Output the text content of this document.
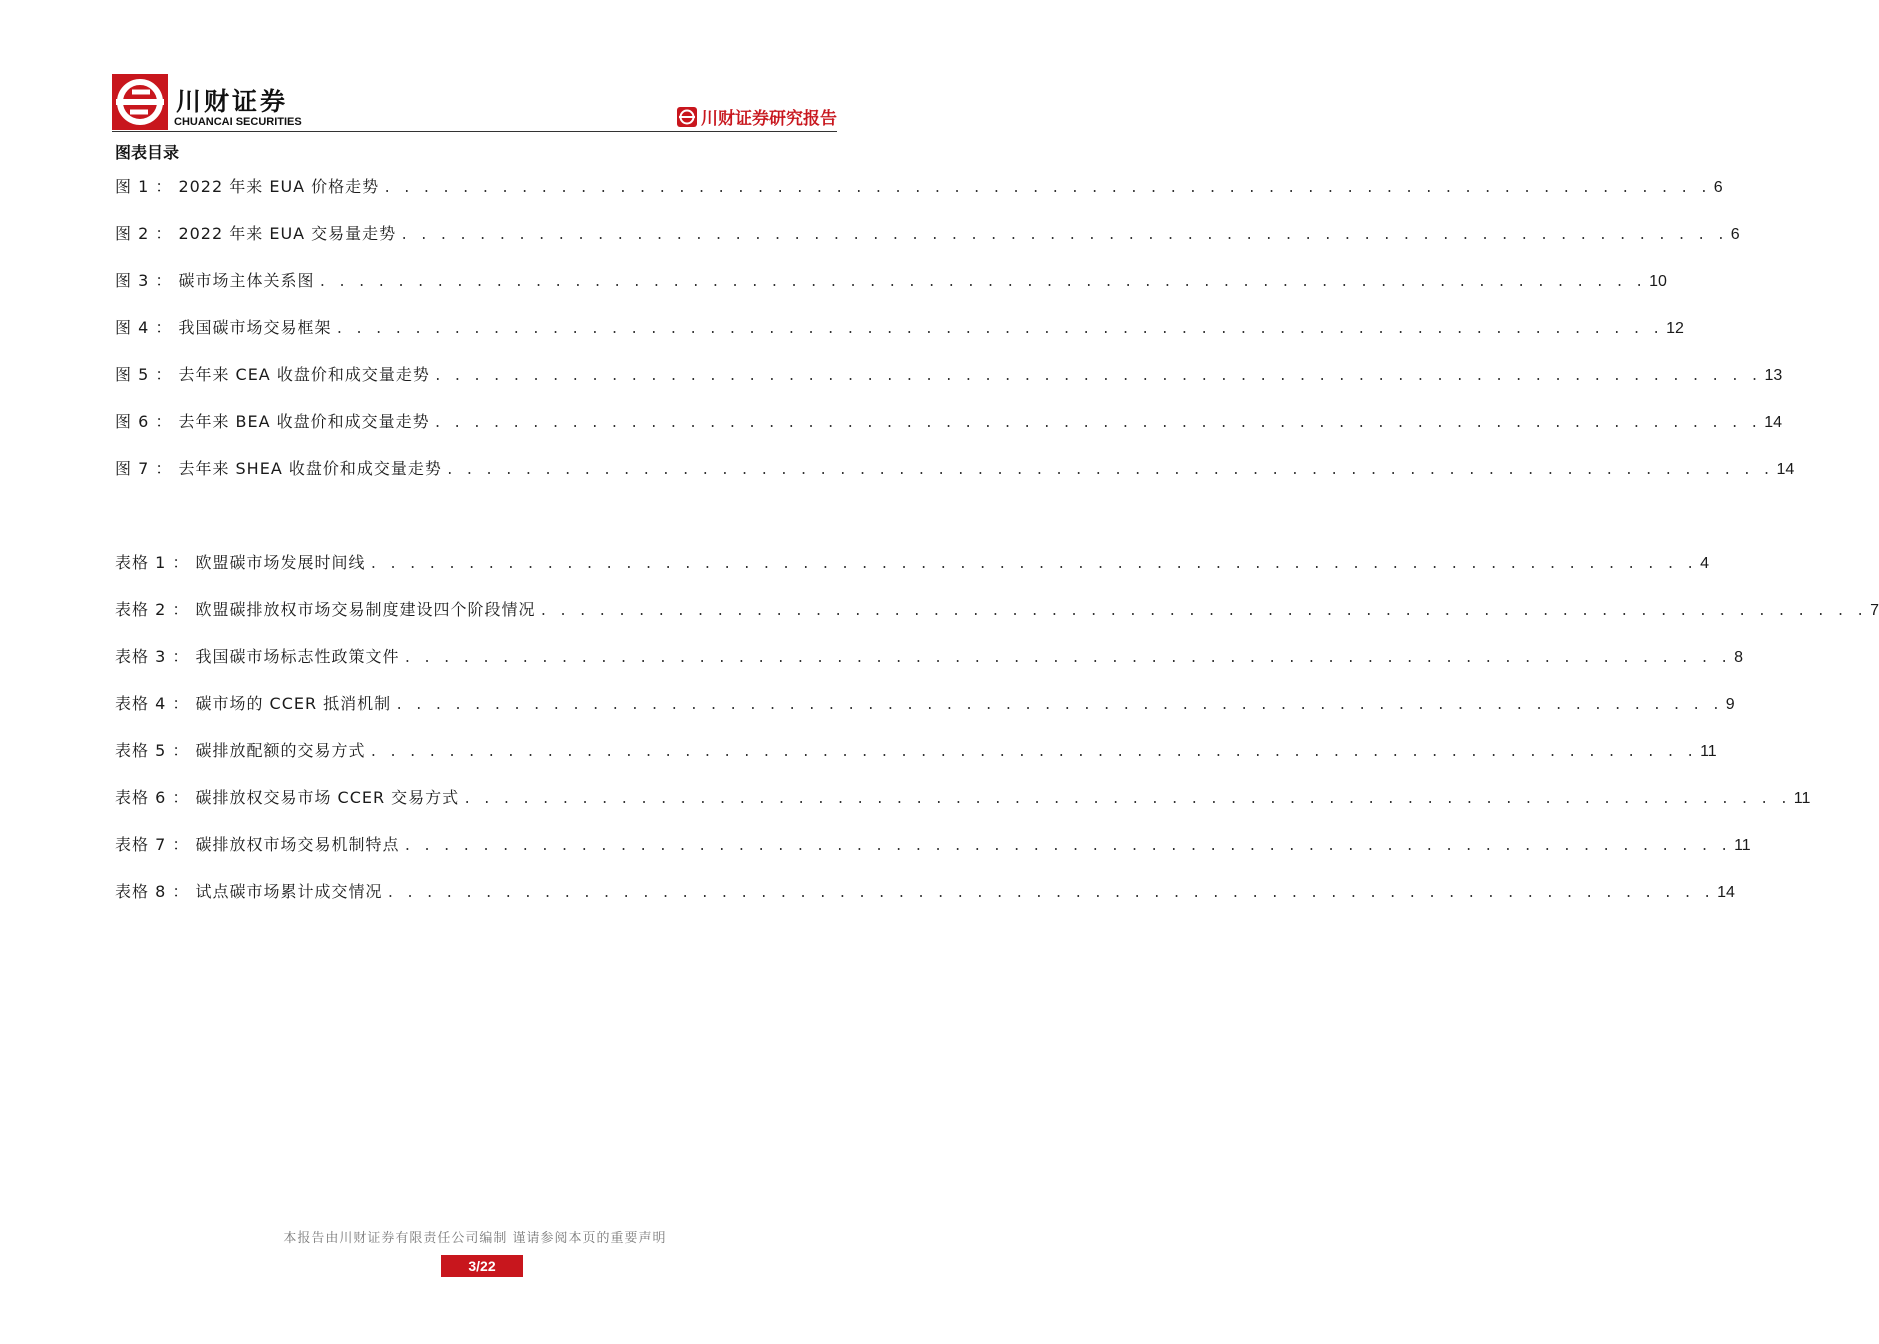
川财证券
CHUANCAI SECURITIES	川财证券研究报告
图表目录
图 1 ： 2022 年来 EUA 价格走势 . . . . . . . . . . . . . . . . . . . . . . . . . . . . . . . . . . . . . . . . . . . . . . . . . . . . . . . . . . . . . . . . . . . . 6
图 2 ： 2022 年来 EUA 交易量走势 . . . . . . . . . . . . . . . . . . . . . . . . . . . . . . . . . . . . . . . . . . . . . . . . . . . . . . . . . . . . . . . . . . . . 6
图 3 ： 碳市场主体关系图 . . . . . . . . . . . . . . . . . . . . . . . . . . . . . . . . . . . . . . . . . . . . . . . . . . . . . . . . . . . . . . . . . . . . 10
图 4 ： 我国碳市场交易框架 . . . . . . . . . . . . . . . . . . . . . . . . . . . . . . . . . . . . . . . . . . . . . . . . . . . . . . . . . . . . . . . . . . . . 12
图 5 ： 去年来 CEA 收盘价和成交量走势 . . . . . . . . . . . . . . . . . . . . . . . . . . . . . . . . . . . . . . . . . . . . . . . . . . . . . . . . . . . . . . . . . . . . 13
图 6 ： 去年来 BEA 收盘价和成交量走势 . . . . . . . . . . . . . . . . . . . . . . . . . . . . . . . . . . . . . . . . . . . . . . . . . . . . . . . . . . . . . . . . . . . . 14
图 7 ： 去年来 SHEA 收盘价和成交量走势 . . . . . . . . . . . . . . . . . . . . . . . . . . . . . . . . . . . . . . . . . . . . . . . . . . . . . . . . . . . . . . . . . . . . 14
表格 1 ： 欧盟碳市场发展时间线 . . . . . . . . . . . . . . . . . . . . . . . . . . . . . . . . . . . . . . . . . . . . . . . . . . . . . . . . . . . . . . . . . . . . 4
表格 2 ： 欧盟碳排放权市场交易制度建设四个阶段情况 . . . . . . . . . . . . . . . . . . . . . . . . . . . . . . . . . . . . . . . . . . . . . . . . . . . . . . . . . . . . . . . . . . . . 7
表格 3 ： 我国碳市场标志性政策文件 . . . . . . . . . . . . . . . . . . . . . . . . . . . . . . . . . . . . . . . . . . . . . . . . . . . . . . . . . . . . . . . . . . . . 8
表格 4 ： 碳市场的 CCER 抵消机制 . . . . . . . . . . . . . . . . . . . . . . . . . . . . . . . . . . . . . . . . . . . . . . . . . . . . . . . . . . . . . . . . . . . . 9
表格 5 ： 碳排放配额的交易方式 . . . . . . . . . . . . . . . . . . . . . . . . . . . . . . . . . . . . . . . . . . . . . . . . . . . . . . . . . . . . . . . . . . . . 11
表格 6 ： 碳排放权交易市场 CCER 交易方式 . . . . . . . . . . . . . . . . . . . . . . . . . . . . . . . . . . . . . . . . . . . . . . . . . . . . . . . . . . . . . . . . . . . . 11
表格 7 ： 碳排放权市场交易机制特点 . . . . . . . . . . . . . . . . . . . . . . . . . . . . . . . . . . . . . . . . . . . . . . . . . . . . . . . . . . . . . . . . . . . . 11
表格 8 ： 试点碳市场累计成交情况 . . . . . . . . . . . . . . . . . . . . . . . . . . . . . . . . . . . . . . . . . . . . . . . . . . . . . . . . . . . . . . . . . . . . 14
本报告由川财证券有限责任公司编制 谨请参阅本页的重要声明
3/22
